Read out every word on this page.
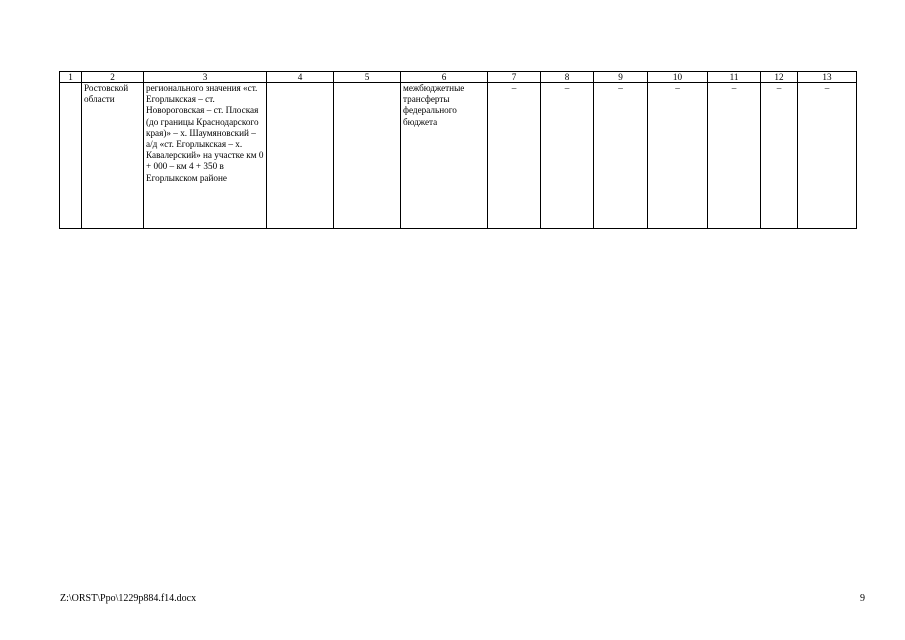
1	2	3	4	5	6	7	8	9	10	11	12	13
	Ростовской области	регионального значения «ст. Егорлыкская – ст. Новороговская – ст. Плоская (до границы Краснодарского края)» – х. Шаумяновский – а/д «ст. Егорлыкская – х. Кавалерский» на участке км 0 + 000 – км 4 + 350 в Егорлыкском районе			межбюджетные трансферты федерального бюджета	–	–	–	–	–	–	–
Z:\ORST\Ppo\1229p884.f14.docx	9
